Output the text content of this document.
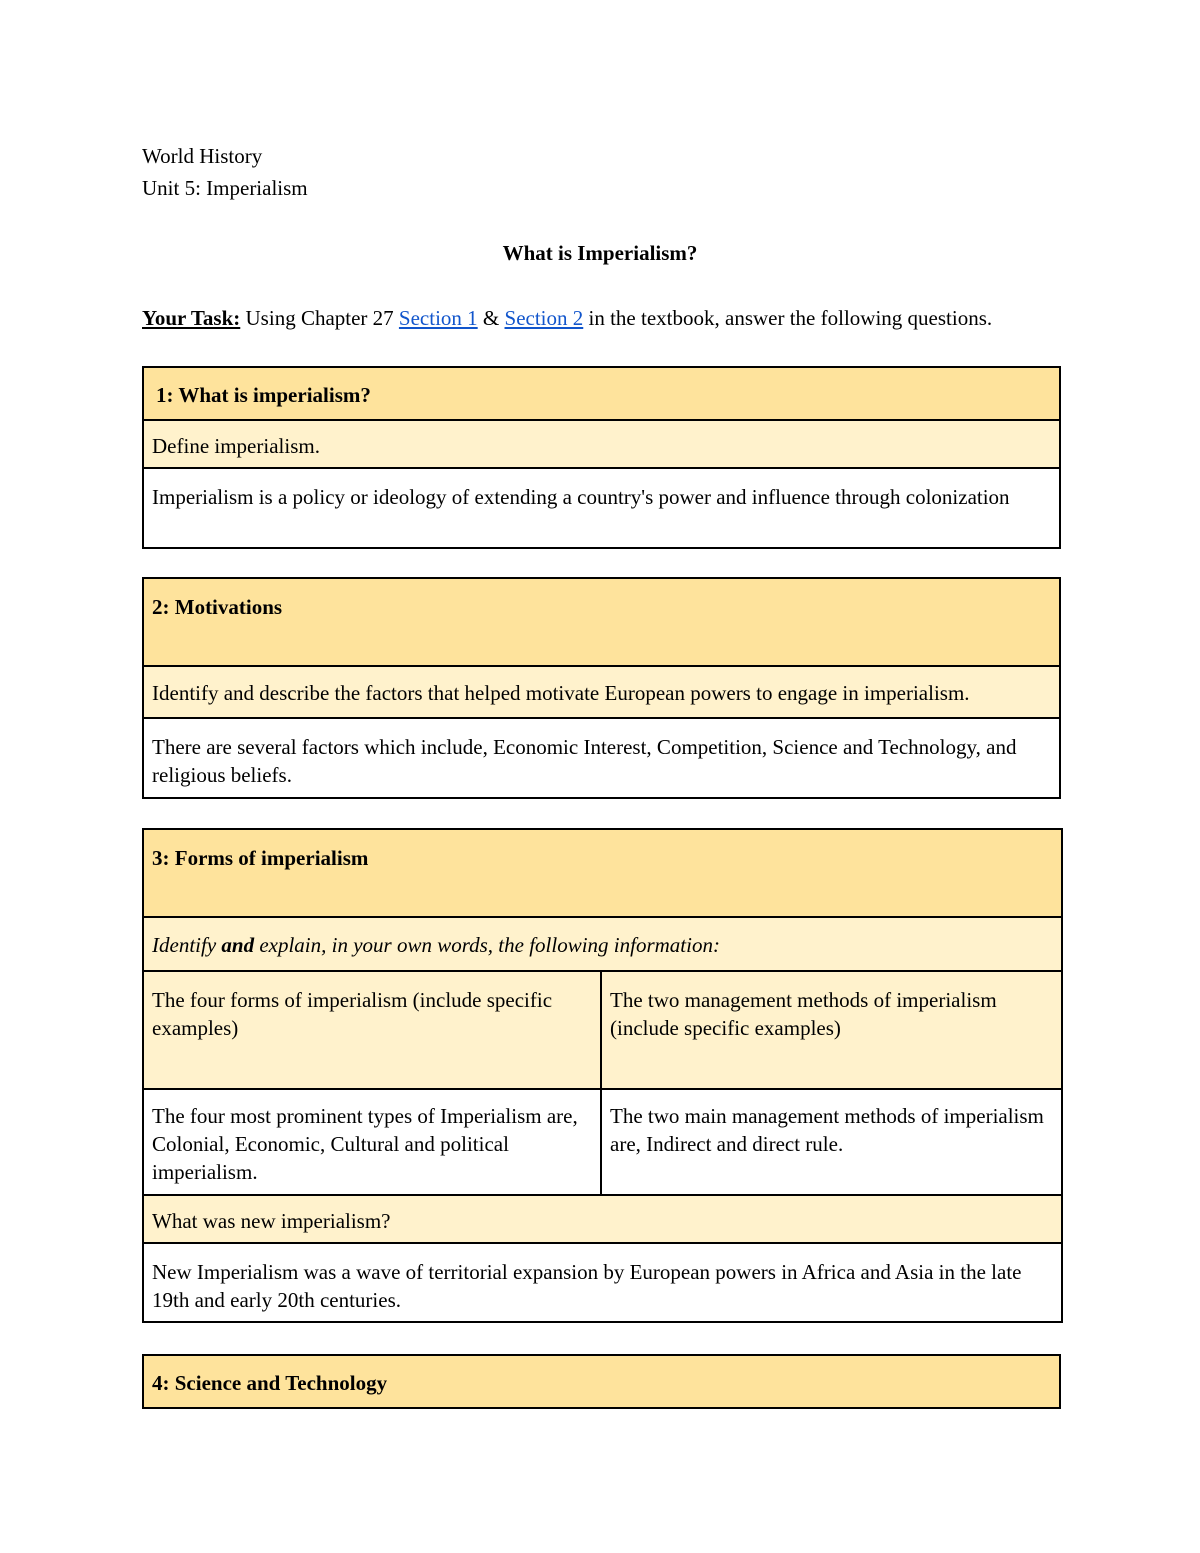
World History
Unit 5: Imperialism
What is Imperialism?
Your Task: Using Chapter 27 Section 1 & Section 2 in the textbook, answer the following questions.
1: What is imperialism?
Define imperialism.
Imperialism is a policy or ideology of extending a country's power and influence through colonization
2: Motivations
Identify and describe the factors that helped motivate European powers to engage in imperialism.
There are several factors which include, Economic Interest, Competition, Science and Technology, and religious beliefs.
3: Forms of imperialism	
Identify and explain, in your own words, the following information:	
The four forms of imperialism (include specific examples)	The two management methods of imperialism (include specific examples)
The four most prominent types of Imperialism are, Colonial, Economic, Cultural and political imperialism.	The two main management methods of imperialism are, Indirect and direct rule.
What was new imperialism?	
New Imperialism was a wave of territorial expansion by European powers in Africa and Asia in the late 19th and early 20th centuries.	
4: Science and Technology
